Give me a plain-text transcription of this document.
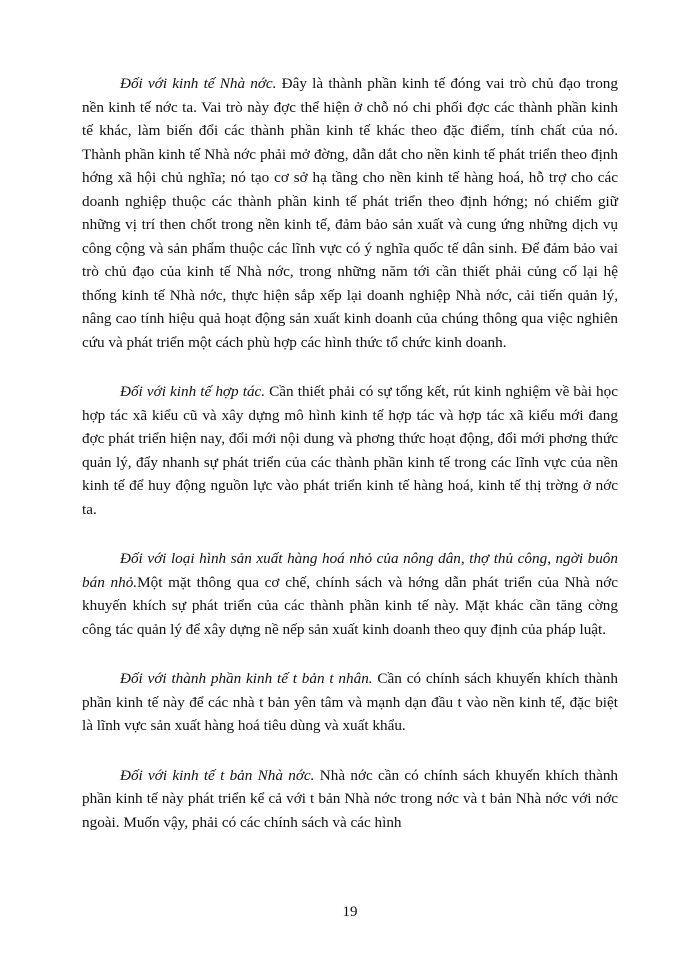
Đối với kinh tế Nhà nớc. Đây là thành phần kinh tế đóng vai trò chủ đạo trong nền kinh tế nớc ta. Vai trò này đợc thể hiện ở chỗ nó chi phối đợc các thành phần kinh tế khác, làm biến đổi các thành phần kinh tế khác theo đặc điểm, tính chất của nó. Thành phần kinh tế Nhà nớc phải mở đờng, dẫn dắt cho nền kinh tế phát triển theo định hớng xã hội chủ nghĩa; nó tạo cơ sở hạ tầng cho nền kinh tế hàng hoá, hỗ trợ cho các doanh nghiệp thuộc các thành phần kinh tế phát triển theo định hớng; nó chiếm giữ những vị trí then chốt trong nền kinh tế, đảm bảo sản xuất và cung ứng những dịch vụ công cộng và sản phẩm thuộc các lĩnh vực có ý nghĩa quốc tế dân sinh. Để đảm bảo vai trò chủ đạo của kinh tế Nhà nớc, trong những năm tới cần thiết phải củng cố lại hệ thống kinh tế Nhà nớc, thực hiện sắp xếp lại doanh nghiệp Nhà nớc, cải tiến quản lý, nâng cao tính hiệu quả hoạt động sản xuất kinh doanh của chúng thông qua việc nghiên cứu và phát triển một cách phù hợp các hình thức tổ chức kinh doanh.

Đối với kinh tế hợp tác. Cần thiết phải có sự tổng kết, rút kinh nghiệm về bài học hợp tác xã kiểu cũ và xây dựng mô hình kinh tế hợp tác và hợp tác xã kiểu mới đang đợc phát triển hiện nay, đổi mới nội dung và phơng thức hoạt động, đổi mới phơng thức quản lý, đẩy nhanh sự phát triển của các thành phần kinh tế trong các lĩnh vực của nền kinh tế để huy động nguồn lực vào phát triển kinh tế hàng hoá, kinh tế thị trờng ở nớc ta.

Đối với loại hình sản xuất hàng hoá nhỏ của nông dân, thợ thủ công, ngời buôn bán nhỏ.Một mặt thông qua cơ chế, chính sách và hớng dẫn phát triển của Nhà nớc khuyến khích sự phát triển của các thành phần kinh tế này. Mặt khác cần tăng cờng công tác quản lý để xây dựng nề nếp sản xuất kinh doanh theo quy định của pháp luật.

Đối với thành phần kinh tế t bản t nhân. Cần có chính sách khuyến khích thành phần kinh tế này để các nhà t bản yên tâm và mạnh dạn đầu t vào nền kinh tế, đặc biệt là lĩnh vực sản xuất hàng hoá tiêu dùng và xuất khẩu.

Đối với kinh tế t bản Nhà nớc. Nhà nớc cần có chính sách khuyến khích thành phần kinh tế này phát triển kể cả với t bản Nhà nớc trong nớc và t bản Nhà nớc với nớc ngoài. Muốn vậy, phải có các chính sách và các hình

19
